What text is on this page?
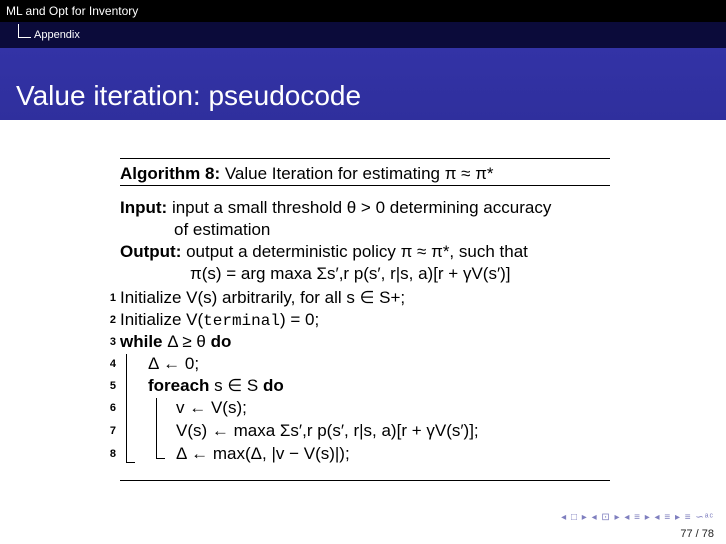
ML and Opt for Inventory
Appendix
Value iteration: pseudocode
Algorithm 8: Value Iteration for estimating π ≈ π*
Input: input a small threshold θ > 0 determining accuracy
of estimation
Output: output a deterministic policy π ≈ π*, such that
π(s) = arg maxa Σs′,r p(s′, r|s, a)[r + γV(s′)]
1 Initialize V(s) arbitrarily, for all s ∈ S+;
2 Initialize V(terminal) = 0;
3 while Δ ≥ θ do
4 Δ ← 0;
5 foreach s ∈ S do
6	v ← V(s);
7	V(s) ← maxa Σs′,r p(s′, r|s, a)[r + γV(s′)];
8	Δ ← max(Δ, |v − V(s)|);
◂ □ ▸ ◂ ⊡ ▸ ◂ ≡ ▸ ◂ ≡ ▸ ≡ ∽ᵃᶜ
77 / 78
